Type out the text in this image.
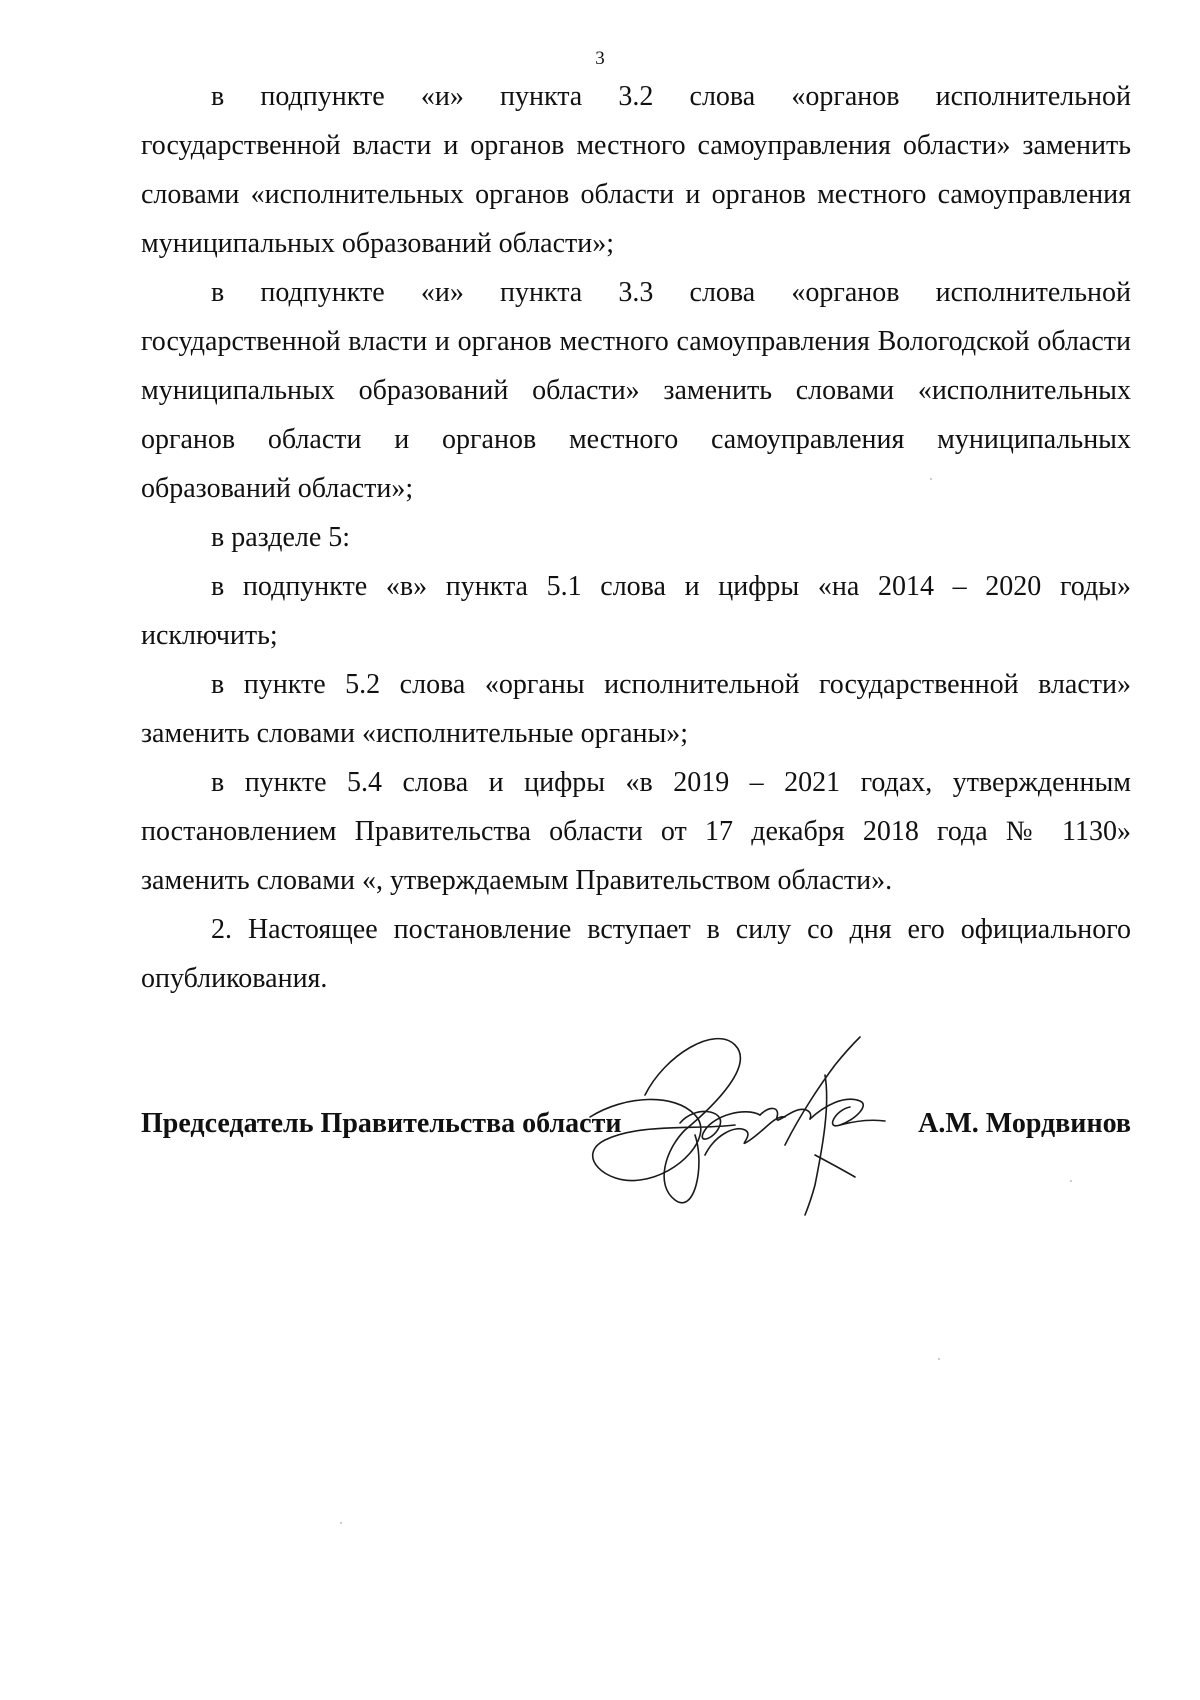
3

в подпункте «и» пункта 3.2 слова «органов исполнительной государственной власти и органов местного самоуправления области» заменить словами «исполнительных органов области и органов местного самоуправления муниципальных образований области»;

в подпункте «и» пункта 3.3 слова «органов исполнительной государственной власти и органов местного самоуправления Вологодской области муниципальных образований области» заменить словами «исполнительных органов области и органов местного самоуправления муниципальных образований области»;

в разделе 5:

в подпункте «в» пункта 5.1 слова и цифры «на 2014 – 2020 годы» исключить;

в пункте 5.2 слова «органы исполнительной государственной власти» заменить словами «исполнительные органы»;

в пункте 5.4 слова и цифры «в 2019 – 2021 годах, утвержденным постановлением Правительства области от 17 декабря 2018 года № 1130» заменить словами «, утверждаемым Правительством области».

2. Настоящее постановление вступает в силу со дня его официального опубликования.

Председатель Правительства области	А.М. Мордвинов
